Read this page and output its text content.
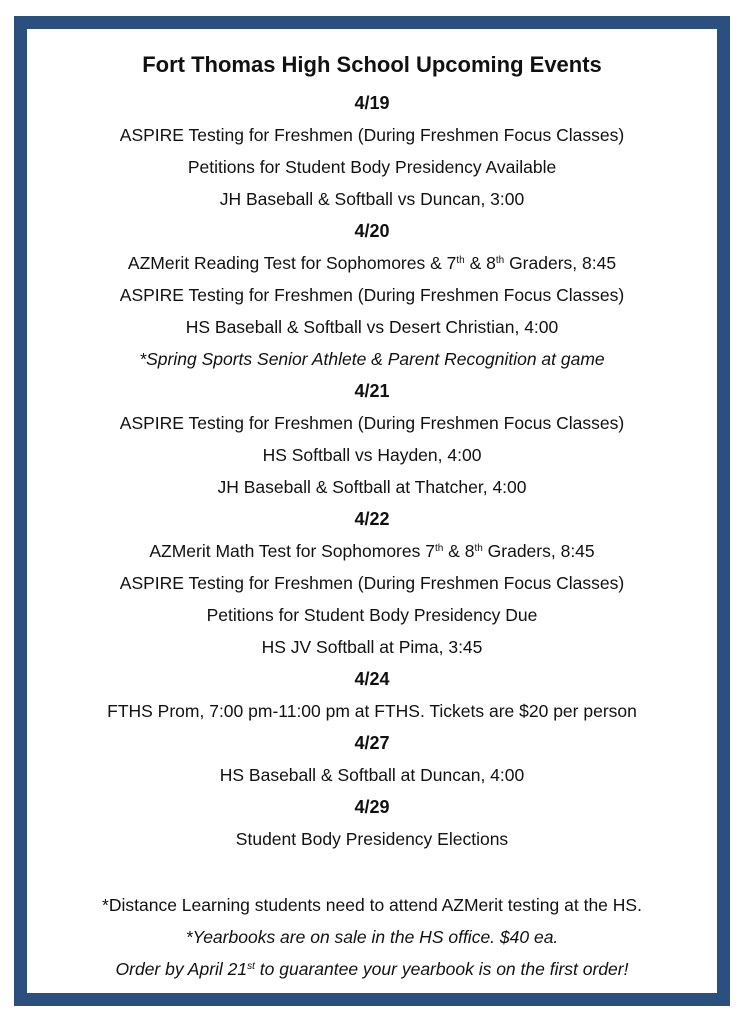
Fort Thomas High School Upcoming Events
4/19
ASPIRE Testing for Freshmen (During Freshmen Focus Classes)
Petitions for Student Body Presidency Available
JH Baseball & Softball vs Duncan, 3:00
4/20
AZMerit Reading Test for Sophomores & 7th & 8th Graders, 8:45
ASPIRE Testing for Freshmen (During Freshmen Focus Classes)
HS Baseball & Softball vs Desert Christian, 4:00
*Spring Sports Senior Athlete & Parent Recognition at game
4/21
ASPIRE Testing for Freshmen (During Freshmen Focus Classes)
HS Softball vs Hayden, 4:00
JH Baseball & Softball at Thatcher, 4:00
4/22
AZMerit Math Test for Sophomores 7th & 8th Graders, 8:45
ASPIRE Testing for Freshmen (During Freshmen Focus Classes)
Petitions for Student Body Presidency Due
HS JV Softball at Pima, 3:45
4/24
FTHS Prom, 7:00 pm-11:00 pm at FTHS. Tickets are $20 per person
4/27
HS Baseball & Softball at Duncan, 4:00
4/29
Student Body Presidency Elections
*Distance Learning students need to attend AZMerit testing at the HS.
*Yearbooks are on sale in the HS office. $40 ea.
Order by April 21st to guarantee your yearbook is on the first order!
